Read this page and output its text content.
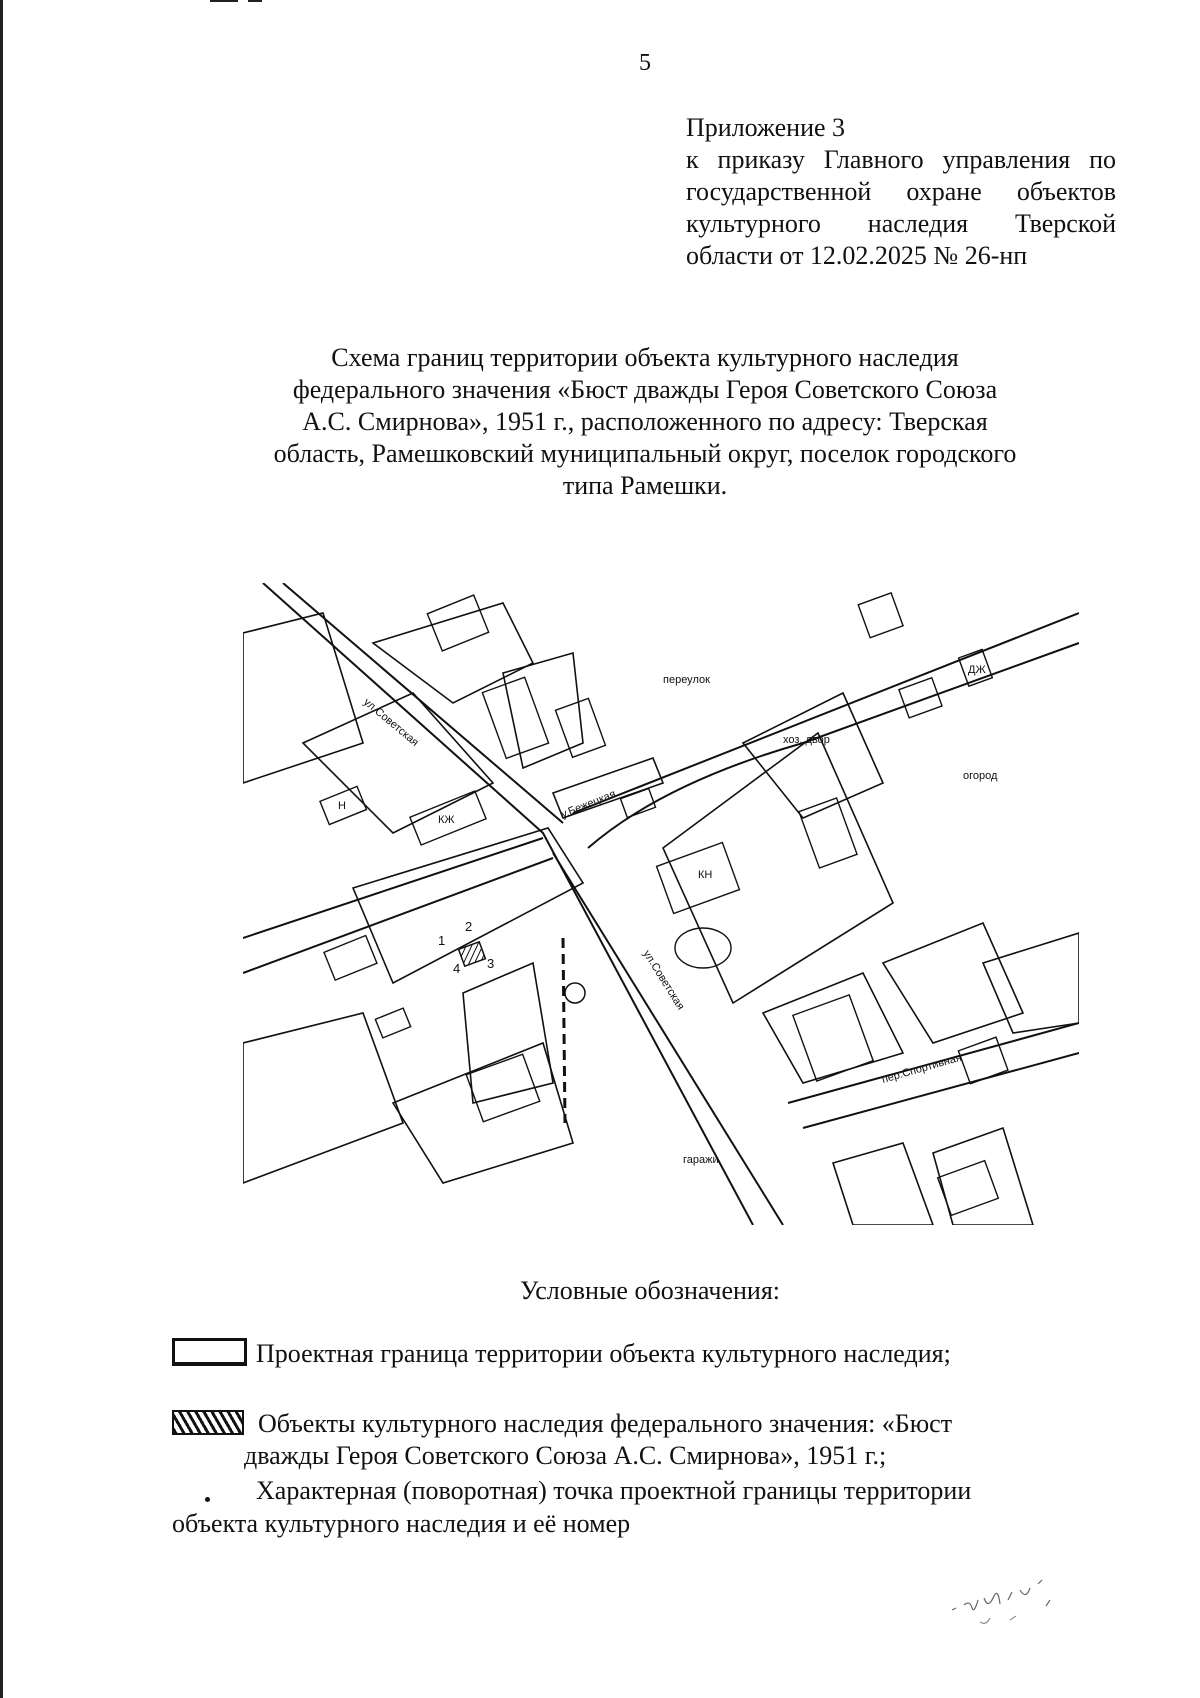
5
Приложение 3
к приказу Главного управления по
государственной охране объектов
культурного наследия Тверской
области от 12.02.2025 № 26-нп
Схема границ территории объекта культурного наследия
федерального значения «Бюст дважды Героя Советского Союза
А.С. Смирнова», 1951 г., расположенного по адресу: Тверская
область, Рамешковский муниципальный округ, поселок городского
типа Рамешки.
ул.Советская
у.Бежецкая
ул.Советская
пер.Спортивная
КН
Н
КЖ
ДЖ
огород
переулок
хоз. двор
гаражи
1
2
3
4
Условные обозначения:
Проектная граница территории объекта культурного наследия;
Объекты культурного наследия федерального значения: «Бюст
дважды Героя Советского Союза А.С. Смирнова», 1951 г.;
Характерная (поворотная) точка проектной границы территории
объекта культурного наследия и её номер
